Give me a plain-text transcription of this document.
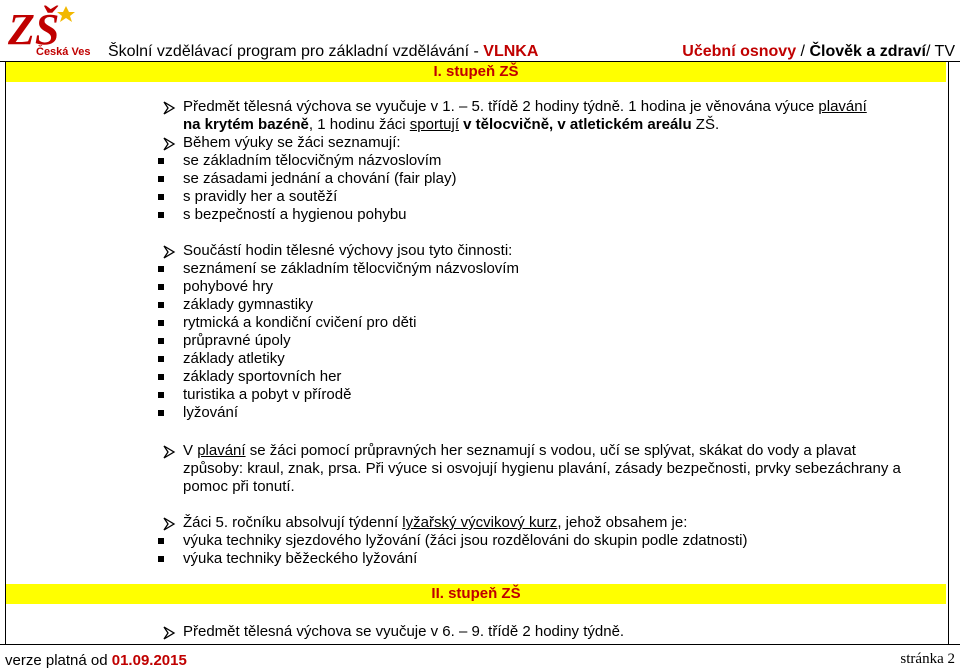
ZŠ
Česká Ves Školní vzdělávací program pro základní vzdělávání - VLNKA	Učební osnovy / Člověk a zdraví/ TV
I. stupeň ZŠ
Předmět tělesná výchova se vyučuje v 1. – 5. třídě 2 hodiny týdně. 1 hodina je věnována výuce plavání
na krytém bazéně, 1 hodinu žáci sportují v tělocvičně, v atletickém areálu ZŠ.
Během výuky se žáci seznamují:
se základním tělocvičným názvoslovím
se zásadami jednání a chování (fair play)
s pravidly her a soutěží
s bezpečností a hygienou pohybu
Součástí hodin tělesné výchovy jsou tyto činnosti:
seznámení se základním tělocvičným názvoslovím
pohybové hry
základy gymnastiky
rytmická a kondiční cvičení pro děti
průpravné úpoly
základy atletiky
základy sportovních her
turistika a pobyt v přírodě
lyžování
V plavání se žáci pomocí průpravných her seznamují s vodou, učí se splývat, skákat do vody a plavat
způsoby: kraul, znak, prsa. Při výuce si osvojují hygienu plavání, zásady bezpečnosti, prvky sebezáchrany a
pomoc při tonutí.
Žáci 5. ročníku absolvují týdenní lyžařský výcvikový kurz, jehož obsahem je:
výuka techniky sjezdového lyžování (žáci jsou rozdělováni do skupin podle zdatnosti)
výuka techniky běžeckého lyžování
II. stupeň ZŠ
Předmět tělesná výchova se vyučuje v 6. – 9. třídě 2 hodiny týdně.
verze platná od 01.09.2015	stránka 2
